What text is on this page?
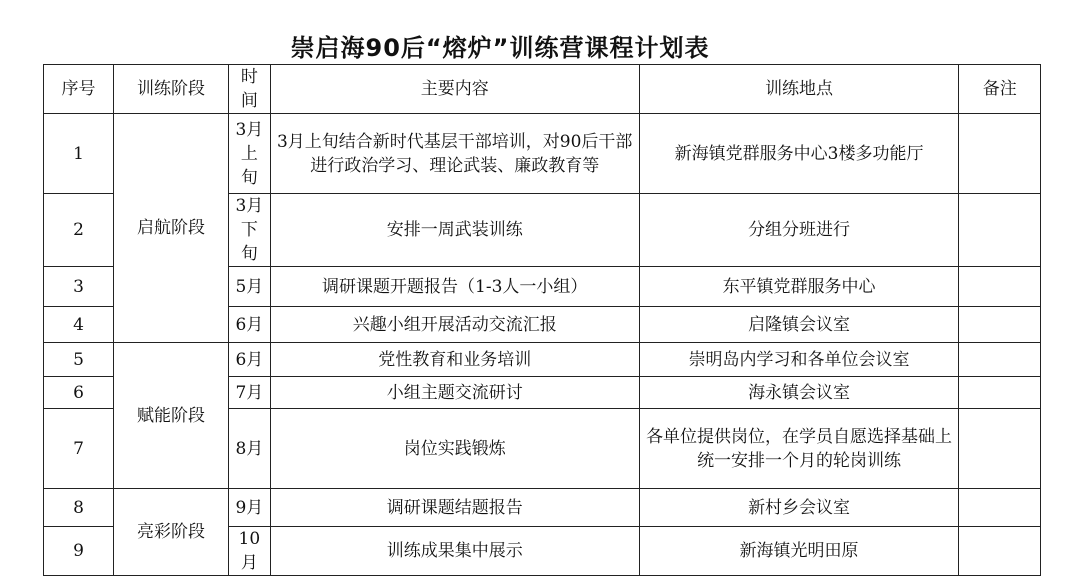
崇启海90后“熔炉”训练营课程计划表
序号	训练阶段	时间	主要内容	训练地点	备注
1	启航阶段	3月上旬	3月上旬结合新时代基层干部培训，对90后干部进行政治学习、理论武装、廉政教育等	新海镇党群服务中心3楼多功能厅	
2		3月下旬	安排一周武装训练	分组分班进行	
3		5月	调研课题开题报告（1-3人一小组）	东平镇党群服务中心	
4		6月	兴趣小组开展活动交流汇报	启隆镇会议室	
5	赋能阶段	6月	党性教育和业务培训	崇明岛内学习和各单位会议室	
6		7月	小组主题交流研讨	海永镇会议室	
7		8月	岗位实践锻炼	各单位提供岗位，在学员自愿选择基础上统一安排一个月的轮岗训练	
8	亮彩阶段	9月	调研课题结题报告	新村乡会议室	
9		10月	训练成果集中展示	新海镇光明田原	
